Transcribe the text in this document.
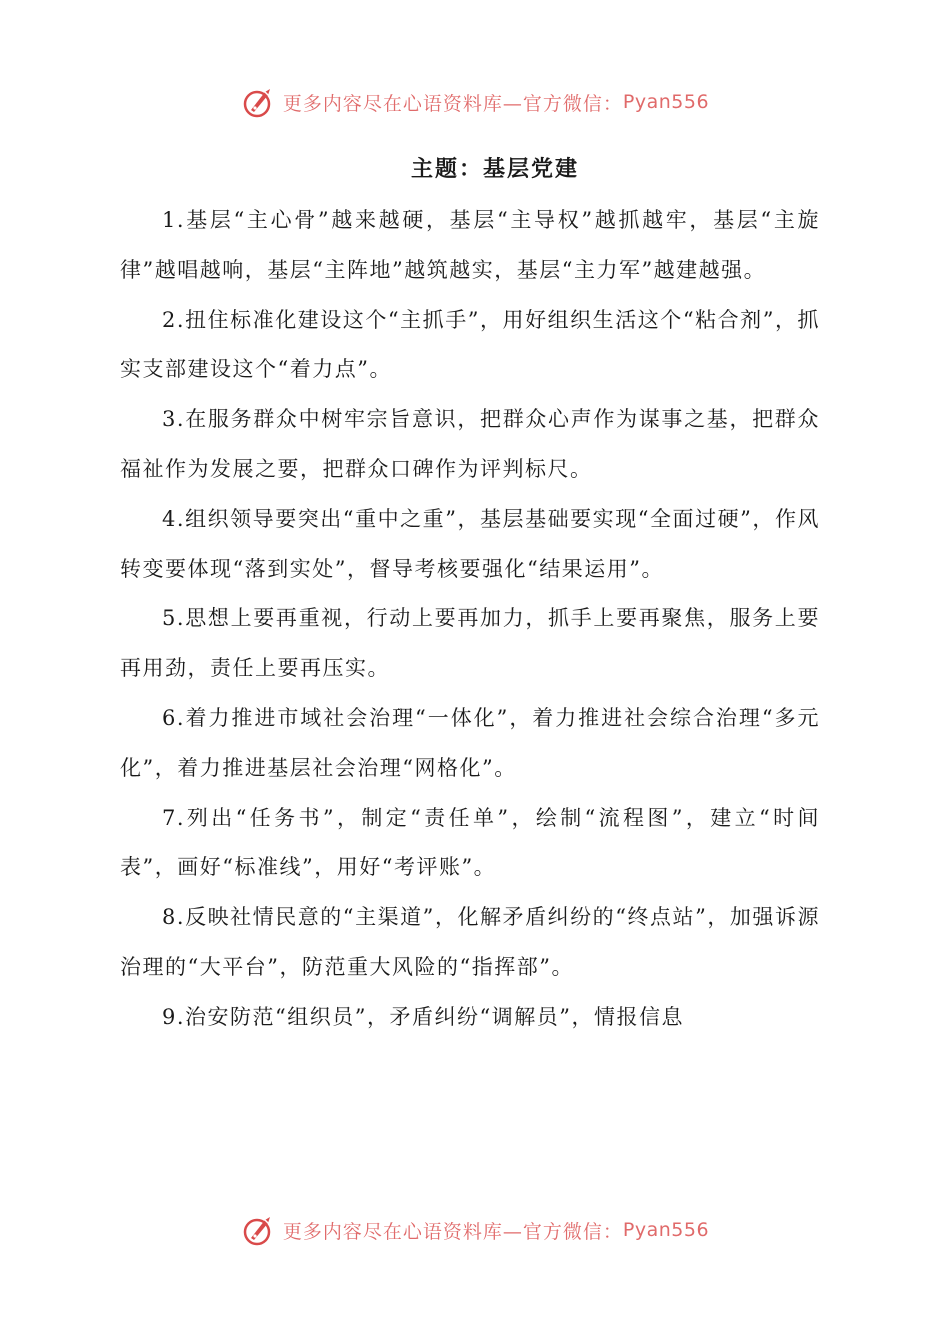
更多内容尽在心语资料库—官方微信： Pyan556
主题：基层党建

1.基层“主心骨”越来越硬，基层“主导权”越抓越牢，基层“主旋律”越唱越响，基层“主阵地”越筑越实，基层“主力军”越建越强。

2.扭住标准化建设这个“主抓手”，用好组织生活这个“粘合剂”，抓实支部建设这个“着力点”。

3.在服务群众中树牢宗旨意识，把群众心声作为谋事之基，把群众福祉作为发展之要，把群众口碑作为评判标尺。

4.组织领导要突出“重中之重”，基层基础要实现“全面过硬”，作风转变要体现“落到实处”，督导考核要强化“结果运用”。

5.思想上要再重视，行动上要再加力，抓手上要再聚焦，服务上要再用劲，责任上要再压实。

6.着力推进市域社会治理“一体化”，着力推进社会综合治理“多元化”，着力推进基层社会治理“网格化”。

7.列出“任务书”，制定“责任单”，绘制“流程图”，建立“时间表”，画好“标准线”，用好“考评账”。

8.反映社情民意的“主渠道”，化解矛盾纠纷的“终点站”，加强诉源治理的“大平台”，防范重大风险的“指挥部”。

9.治安防范“组织员”，矛盾纠纷“调解员”，情报信息

更多内容尽在心语资料库—官方微信： Pyan556
